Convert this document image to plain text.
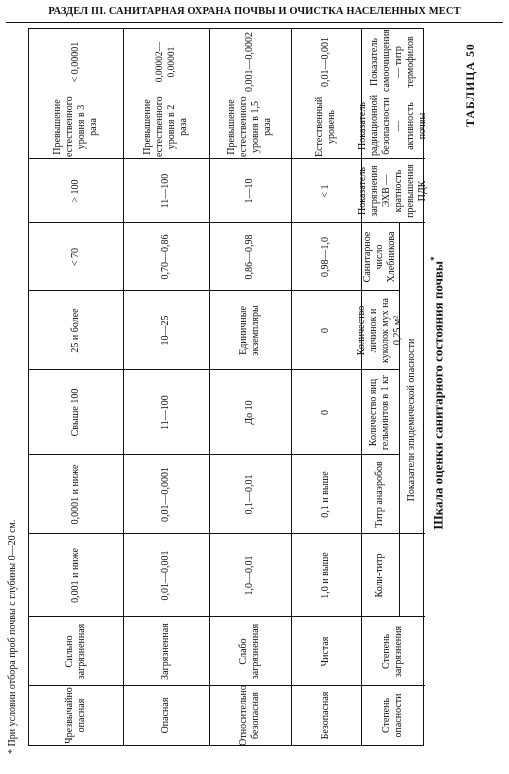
РАЗДЕЛ III. САНИТАРНАЯ ОХРАНА ПОЧВЫ И ОЧИСТКА НАСЕЛЕННЫХ МЕСТ
ТАБЛИЦА 50
Шкала оценки санитарного состояния почвы*
Степень опасности
Степень загрязнения
Показатели эпидемической опасности
Коли-титр
Титр анаэробов
Количество яиц гельминтов в 1 кг
Количество личинок и куколок мух на 0,25 м²
Санитарное число Хлебникова
Показатель загрязнения ЭХВ — кратность превышения ПДК
Показатель радиационной безопасности — активность почвы
Показатель самоочищения — титр термофилов
Безопасная
Чистая
1,0 и выше
0,1 и выше
0
0
0,98—1,0
< 1
Естественный уровень
0,01—0,001
Относительно безопасная
Слабо загрязненная
1,0—0,01
0,1—0,01
До 10
Единичные экземпляры
0,86—0,98
1—10
Превышение естественного уровня в 1,5 раза
0,001—0,0002
Опасная
Загрязненная
0,01—0,001
0,01—0,0001
11—100
10—25
0,70—0,86
11—100
Превышение естественного уровня в 2 раза
0,00002—0,00001
Чрезвычайно опасная
Сильно загрязненная
0,001 и ниже
0,0001 и ниже
Свыше 100
25 и более
< 70
> 100
Превышение естественного уровня в 3 раза
< 0,00001
* При условии отбора проб почвы с глубины 0—20 см.
